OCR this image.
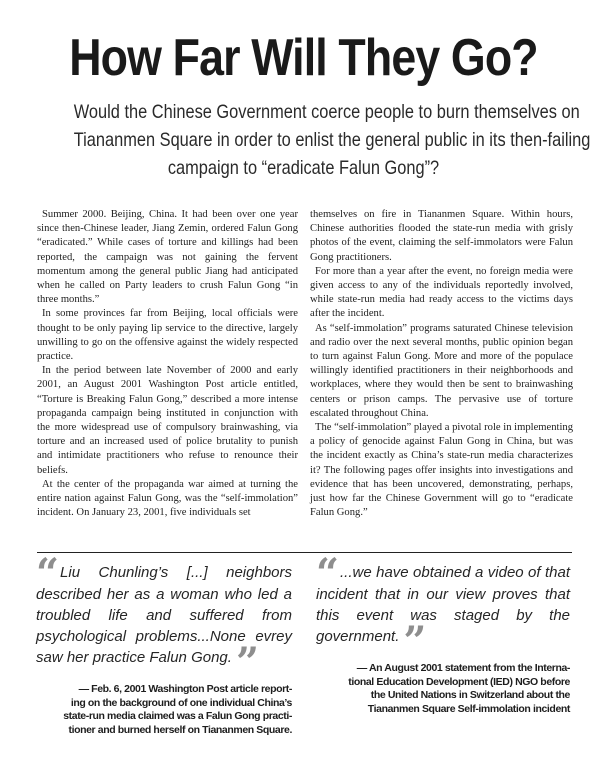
How Far Will They Go?
Would the Chinese Government coerce people to burn themselves on
Tiananmen Square in order to enlist the general public in its then-failing
campaign to “eradicate Falun Gong”?

Summer 2000. Beijing, China. It had been over one year since then-Chinese leader, Jiang Zemin, ordered Falun Gong “eradicated.” While cases of torture and killings had been reported, the campaign was not gaining the fervent momentum among the general public Jiang had anticipated when he called on Party leaders to crush Falun Gong “in three months.”

In some provinces far from Beijing, local officials were thought to be only paying lip service to the directive, largely unwilling to go on the offensive against the widely respected practice.

In the period between late November of 2000 and early 2001, an August 2001 Washington Post article entitled, “Torture is Breaking Falun Gong,” described a more intense propaganda campaign being instituted in conjunction with the more widespread use of compulsory brainwashing, via torture and an increased used of police brutality to punish and intimidate practitioners who refuse to renounce their beliefs.

At the center of the propaganda war aimed at turning the entire nation against Falun Gong, was the “self-immolation” incident. On January 23, 2001, five individuals set

themselves on fire in Tiananmen Square. Within hours, Chinese authorities flooded the state-run media with grisly photos of the event, claiming the self-immolators were Falun Gong practitioners.

For more than a year after the event, no foreign media were given access to any of the individuals reportedly involved, while state-run media had ready access to the victims days after the incident.

As “self-immolation” programs saturated Chinese television and radio over the next several months, public opinion began to turn against Falun Gong. More and more of the populace willingly identified practitioners in their neighborhoods and workplaces, where they would then be sent to brainwashing centers or prison camps. The pervasive use of torture escalated throughout China.

The “self-immolation” played a pivotal role in implementing a policy of genocide against Falun Gong in China, but was the incident exactly as China’s state-run media characterizes it? The following pages offer insights into investigations and evidence that has been uncovered, demonstrating, perhaps, just how far the Chinese Government will go to “eradicate Falun Gong.”

“ Liu Chunling’s [...] neighbors described her as a woman who led a troubled life and suffered from psychological problems...None evrey saw her practice Falun Gong. ”

— Feb. 6, 2001 Washington Post article report-
ing on the background of one individual China’s
state-run media claimed was a Falun Gong practi-
tioner and burned herself on Tiananmen Square.

“ ...we have obtained a video of that incident that in our view proves that this event was staged by the government. ”

— An August 2001 statement from the Interna-
tional Education Development (IED) NGO before
the United Nations in Switzerland about the
Tiananmen Square Self-immolation incident
